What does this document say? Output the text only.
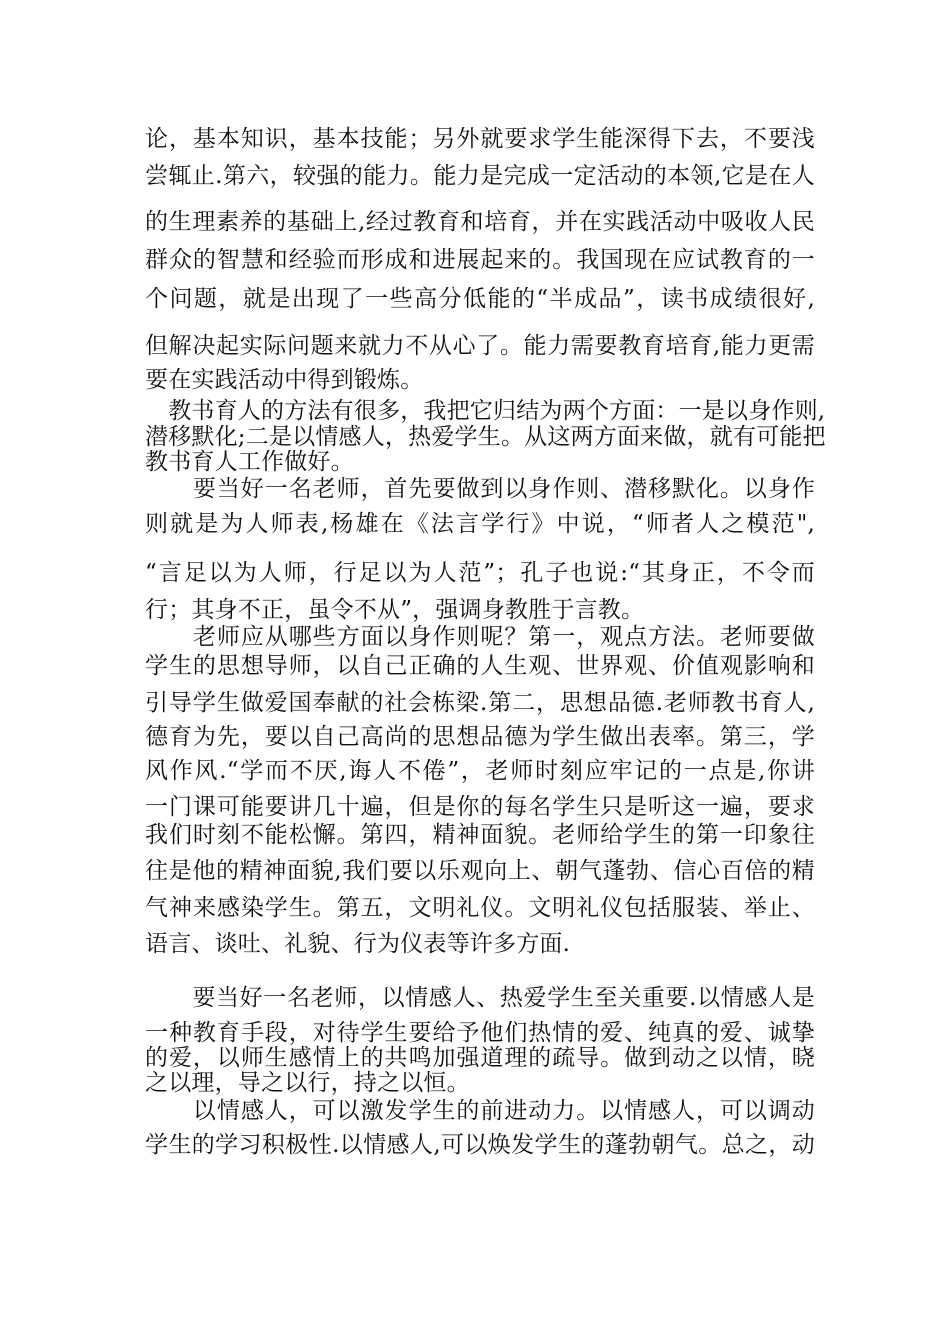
论，基本知识，基本技能；另外就要求学生能深得下去，不要浅
尝辄止.第六，较强的能力。能力是完成一定活动的本领,它是在人
的生理素养的基础上,经过教育和培育，并在实践活动中吸收人民
群众的智慧和经验而形成和进展起来的。我国现在应试教育的一
个问题，就是出现了一些高分低能的“半成品”，读书成绩很好,
但解决起实际问题来就力不从心了。能力需要教育培育,能力更需
要在实践活动中得到锻炼。
　教书育人的方法有很多，我把它归结为两个方面：一是以身作则,
潜移默化;二是以情感人，热爱学生。从这两方面来做，就有可能把
教书育人工作做好。
　　要当好一名老师，首先要做到以身作则、潜移默化。以身作
则就是为人师表,杨雄在《法言学行》中说，“师者人之模范",
“言足以为人师，行足以为人范”；孔子也说:“其身正，不令而
行；其身不正，虽令不从”，强调身教胜于言教。
　　老师应从哪些方面以身作则呢？第一，观点方法。老师要做
学生的思想导师，以自己正确的人生观、世界观、价值观影响和
引导学生做爱国奉献的社会栋梁.第二，思想品德.老师教书育人,
德育为先，要以自己高尚的思想品德为学生做出表率。第三，学
风作风.“学而不厌,诲人不倦”，老师时刻应牢记的一点是,你讲
一门课可能要讲几十遍，但是你的每名学生只是听这一遍，要求
我们时刻不能松懈。第四，精神面貌。老师给学生的第一印象往
往是他的精神面貌,我们要以乐观向上、朝气蓬勃、信心百倍的精
气神来感染学生。第五，文明礼仪。文明礼仪包括服装、举止、
语言、谈吐、礼貌、行为仪表等许多方面.
　　要当好一名老师，以情感人、热爱学生至关重要.以情感人是
一种教育手段，对待学生要给予他们热情的爱、纯真的爱、诚挚
的爱，以师生感情上的共鸣加强道理的疏导。做到动之以情，晓
之以理，导之以行，持之以恒。
　　以情感人，可以激发学生的前进动力。以情感人，可以调动
学生的学习积极性.以情感人,可以焕发学生的蓬勃朝气。总之，动
